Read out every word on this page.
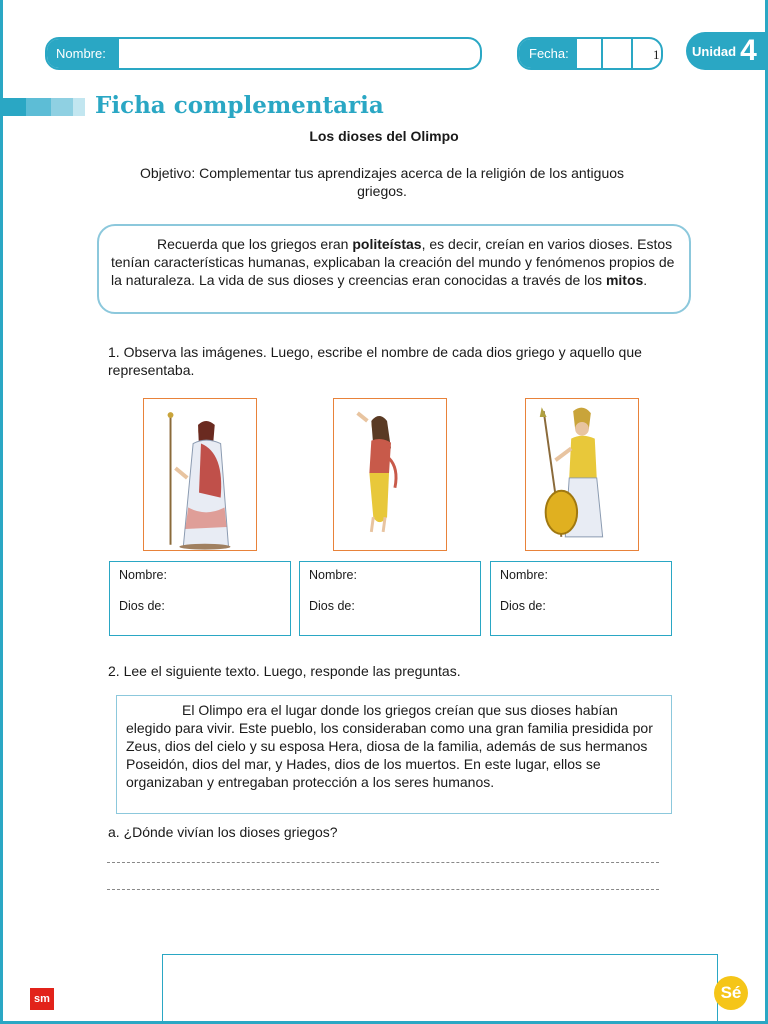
Nombre:	Fecha:	1	Unidad 4
Ficha complementaria
Los dioses del Olimpo
Objetivo: Complementar tus aprendizajes acerca de la religión de los antiguos griegos.
Recuerda que los griegos eran politeístas, es decir, creían en varios dioses. Estos tenían características humanas, explicaban la creación del mundo y fenómenos propios de la naturaleza. La vida de sus dioses y creencias eran conocidas a través de los mitos.
1. Observa las imágenes. Luego, escribe el nombre de cada dios griego y aquello que representaba.
Nombre:
Dios de:
Nombre:
Dios de:
Nombre:
Dios de:
2. Lee el siguiente texto. Luego, responde las preguntas.
El Olimpo era el lugar donde los griegos creían que sus dioses habían elegido para vivir. Este pueblo, los consideraban como una gran familia presidida por Zeus, dios del cielo y su esposa Hera, diosa de la familia, además de sus hermanos Poseidón, dios del mar, y Hades, dios de los muertos. En este lugar, ellos se organizaban y entregaban protección a los seres humanos.
a. ¿Dónde vivían los dioses griegos?
sm	Sé
